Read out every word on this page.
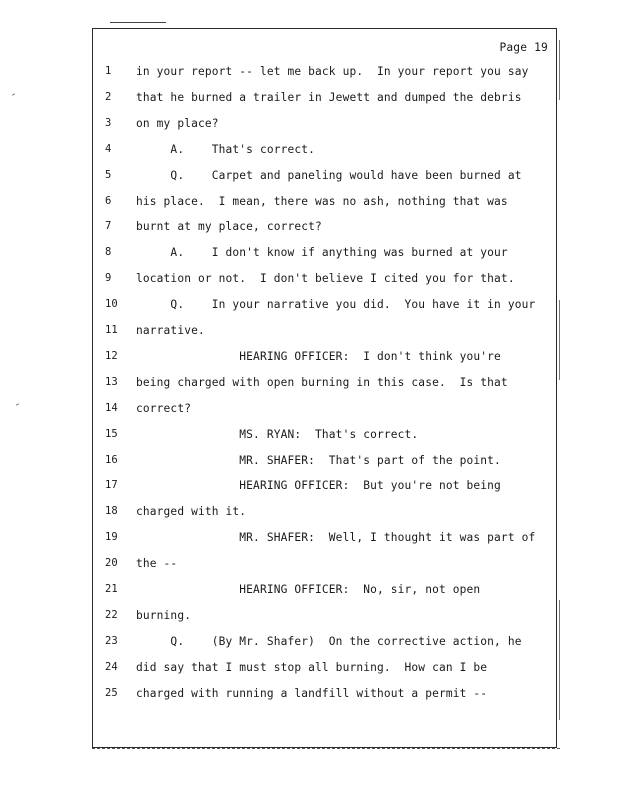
Page 19
1	in your report -- let me back up.  In your report you say
2	that he burned a trailer in Jewett and dumped the debris
3	on my place?
4	A.    That's correct.
5	Q.    Carpet and paneling would have been burned at
6	his place.  I mean, there was no ash, nothing that was
7	burnt at my place, correct?
8	A.    I don't know if anything was burned at your
9	location or not.  I don't believe I cited you for that.
10	Q.    In your narrative you did.  You have it in your
11	narrative.
12	HEARING OFFICER:  I don't think you're
13	being charged with open burning in this case.  Is that
14	correct?
15	MS. RYAN:  That's correct.
16	MR. SHAFER:  That's part of the point.
17	HEARING OFFICER:  But you're not being
18	charged with it.
19	MR. SHAFER:  Well, I thought it was part of
20	the --
21	HEARING OFFICER:  No, sir, not open
22	burning.
23	Q.    (By Mr. Shafer)  On the corrective action, he
24	did say that I must stop all burning.  How can I be
25	charged with running a landfill without a permit --
